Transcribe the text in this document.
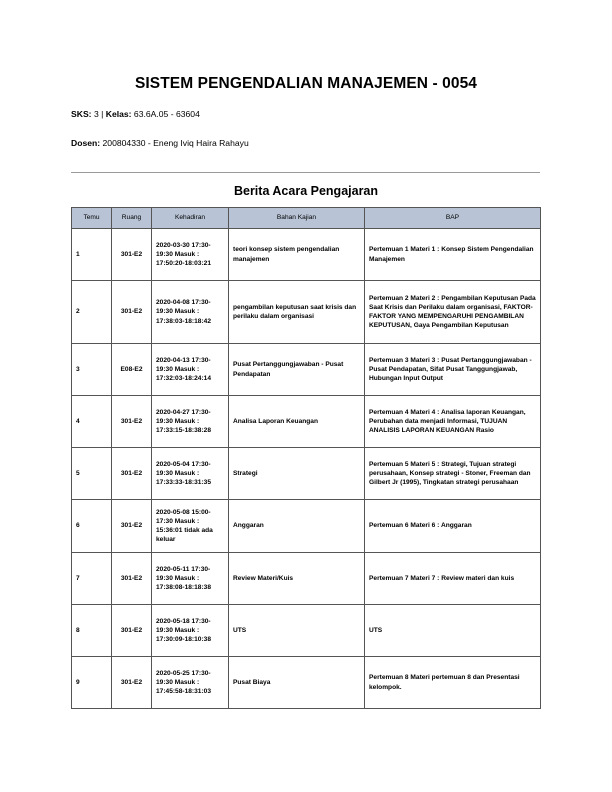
SISTEM PENGENDALIAN MANAJEMEN - 0054
SKS: 3 | Kelas: 63.6A.05 - 63604
Dosen: 200804330 - Eneng Iviq Haira Rahayu
Berita Acara Pengajaran
Temu	Ruang	Kehadiran	Bahan Kajian	BAP
1	301-E2	2020-03-30 17:30-19:30 Masuk : 17:50:20-18:03:21	teori konsep sistem pengendalian manajemen	Pertemuan 1 Materi 1 : Konsep Sistem Pengendalian Manajemen
2	301-E2	2020-04-08 17:30-19:30 Masuk : 17:38:03-18:18:42	pengambilan keputusan saat krisis dan perilaku dalam organisasi	Pertemuan 2 Materi 2 : Pengambilan Keputusan Pada Saat Krisis dan Perilaku dalam organisasi, FAKTOR-FAKTOR YANG MEMPENGARUHI PENGAMBILAN KEPUTUSAN, Gaya Pengambilan Keputusan
3	E08-E2	2020-04-13 17:30-19:30 Masuk : 17:32:03-18:24:14	Pusat Pertanggungjawaban - Pusat Pendapatan	Pertemuan 3 Materi 3 : Pusat Pertanggungjawaban - Pusat Pendapatan, Sifat Pusat Tanggungjawab, Hubungan Input Output
4	301-E2	2020-04-27 17:30-19:30 Masuk : 17:33:15-18:38:28	Analisa Laporan Keuangan	Pertemuan 4 Materi 4 : Analisa laporan Keuangan, Perubahan data menjadi Informasi, TUJUAN ANALISIS LAPORAN KEUANGAN Rasio
5	301-E2	2020-05-04 17:30-19:30 Masuk : 17:33:33-18:31:35	Strategi	Pertemuan 5 Materi 5 : Strategi, Tujuan strategi perusahaan, Konsep strategi - Stoner, Freeman dan Gilbert Jr (1995), Tingkatan strategi perusahaan
6	301-E2	2020-05-08 15:00-17:30 Masuk : 15:36:01 tidak ada keluar	Anggaran	Pertemuan 6 Materi 6 : Anggaran
7	301-E2	2020-05-11 17:30-19:30 Masuk : 17:38:08-18:18:38	Review Materi/Kuis	Pertemuan 7 Materi 7 : Review materi dan kuis
8	301-E2	2020-05-18 17:30-19:30 Masuk : 17:30:09-18:10:38	UTS	UTS
9	301-E2	2020-05-25 17:30-19:30 Masuk : 17:45:58-18:31:03	Pusat Biaya	Pertemuan 8 Materi pertemuan 8 dan Presentasi kelompok.
